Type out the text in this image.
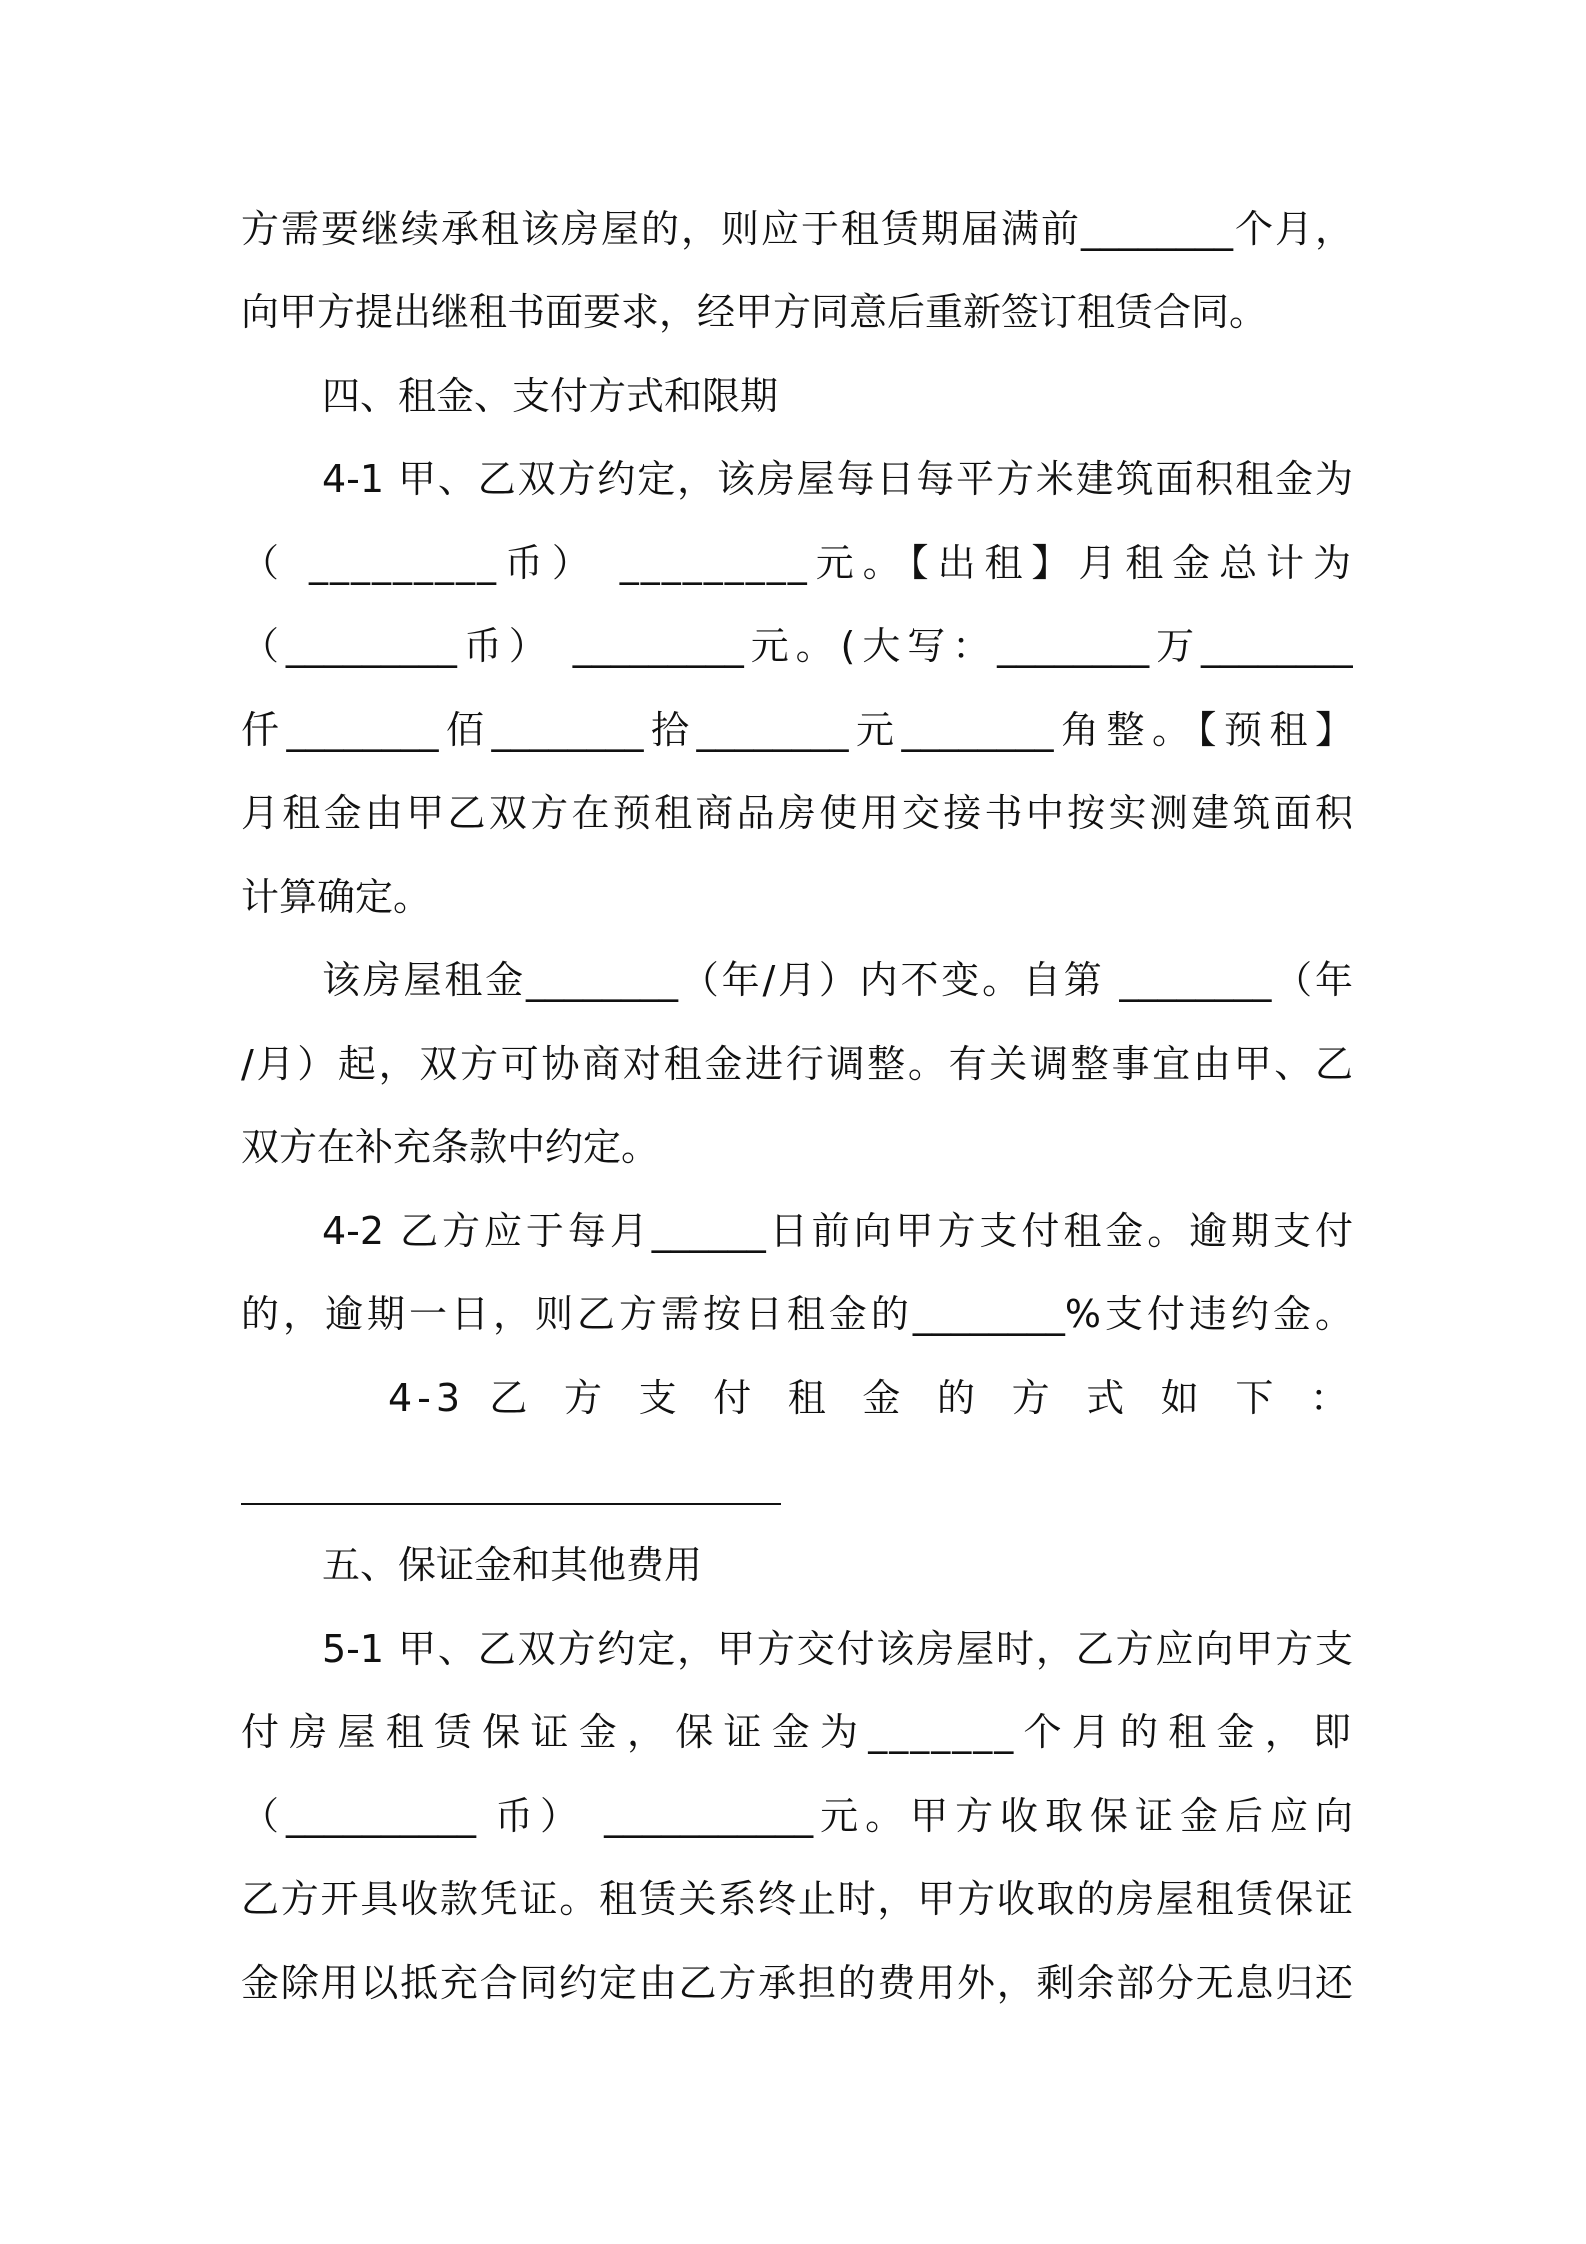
方需要继续承租该房屋的，则应于租赁期届满前________个月，
向甲方提出继租书面要求，经甲方同意后重新签订租赁合同。
四、租金、支付方式和限期
4-1 甲、乙双方约定，该房屋每日每平方米建筑面积租金为
（ _________币） _________元。【出租】月租金总计为
（_________币） _________元。(大写：________万________
仟________佰________拾________元________角整。【预租】
月租金由甲乙双方在预租商品房使用交接书中按实测建筑面积
计算确定。
该房屋租金________（年/月）内不变。自第 ________（年
/月）起，双方可协商对租金进行调整。有关调整事宜由甲、乙
双方在补充条款中约定。
4-2 乙方应于每月______日前向甲方支付租金。逾期支付
的，逾期一日，则乙方需按日租金的________%支付违约金。
4-3 乙 方 支 付 租 金 的 方 式 如 下 ：
五、保证金和其他费用
5-1 甲、乙双方约定，甲方交付该房屋时，乙方应向甲方支
付房屋租赁保证金，保证金为_______个月的租金，即
（__________ 币） ___________元。甲方收取保证金后应向
乙方开具收款凭证。租赁关系终止时，甲方收取的房屋租赁保证
金除用以抵充合同约定由乙方承担的费用外，剩余部分无息归还
